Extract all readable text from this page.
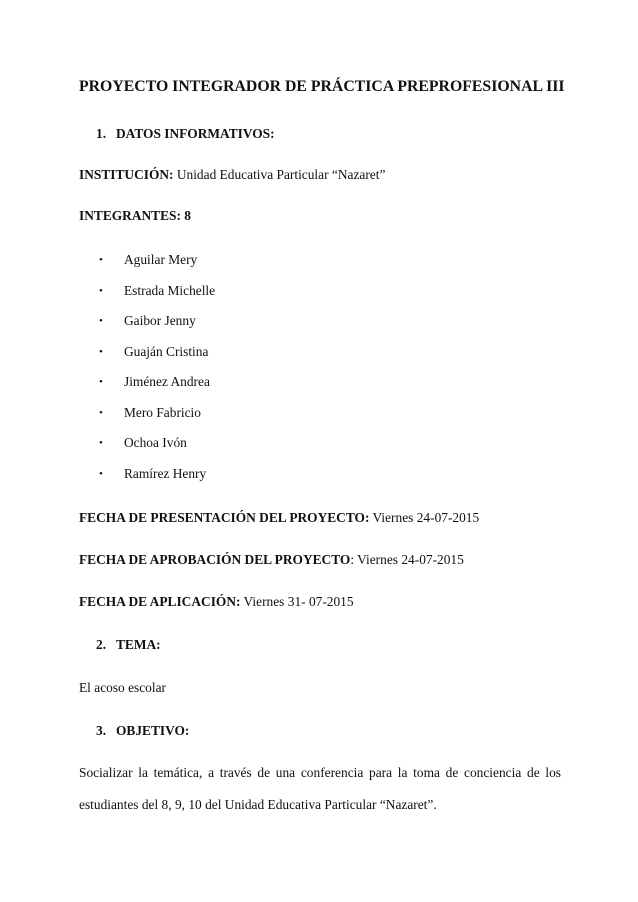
PROYECTO INTEGRADOR DE PRÁCTICA PREPROFESIONAL III
1. DATOS INFORMATIVOS:
INSTITUCIÓN: Unidad Educativa Particular “Nazaret”
INTEGRANTES: 8
• Aguilar Mery
• Estrada Michelle
• Gaibor Jenny
• Guaján Cristina
• Jiménez Andrea
• Mero Fabricio
• Ochoa Ivón
• Ramírez Henry
FECHA DE PRESENTACIÓN DEL PROYECTO: Viernes 24-07-2015
FECHA DE APROBACIÓN DEL PROYECTO: Viernes 24-07-2015
FECHA DE APLICACIÓN: Viernes 31- 07-2015
2. TEMA:
El acoso escolar
3. OBJETIVO:
Socializar la temática, a través de una conferencia para la toma de conciencia de los
estudiantes del 8, 9, 10 del Unidad Educativa Particular “Nazaret”.
